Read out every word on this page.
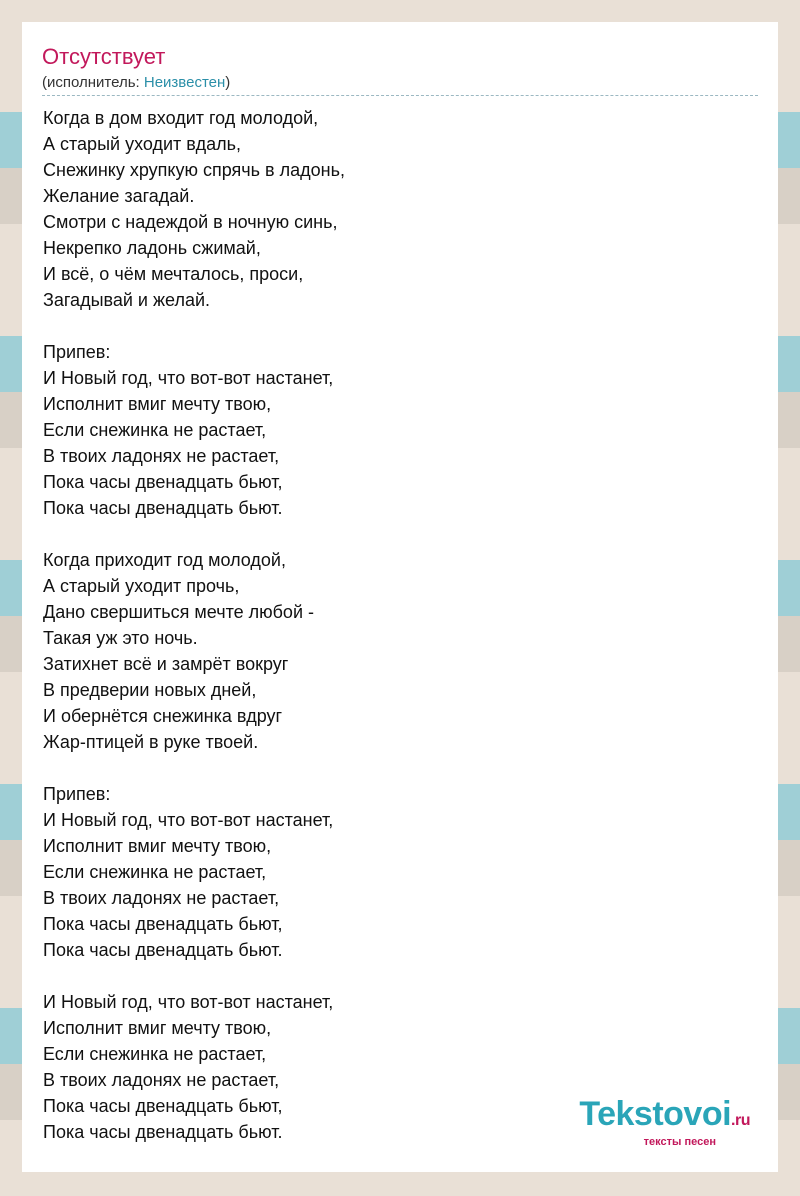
Отсутствует
(исполнитель: Неизвестен)
Когда в дом входит год молодой,
А старый уходит вдаль,
Снежинку хрупкую спрячь в ладонь,
Желание загадай.
Смотри с надеждой в ночную синь,
Некрепко ладонь сжимай,
И всё, о чём мечталось, проси,
Загадывай и желай.
Припев:
И Новый год, что вот-вот настанет,
Исполнит вмиг мечту твою,
Если снежинка не растает,
В твоих ладонях не растает,
Пока часы двенадцать бьют,
Пока часы двенадцать бьют.
Когда приходит год молодой,
А старый уходит прочь,
Дано свершиться мечте любой -
Такая уж это ночь.
Затихнет всё и замрёт вокруг
В предверии новых дней,
И обернётся снежинка вдруг
Жар-птицей в руке твоей.
Припев:
И Новый год, что вот-вот настанет,
Исполнит вмиг мечту твою,
Если снежинка не растает,
В твоих ладонях не растает,
Пока часы двенадцать бьют,
Пока часы двенадцать бьют.
И Новый год, что вот-вот настанет,
Исполнит вмиг мечту твою,
Если снежинка не растает,
В твоих ладонях не растает,
Пока часы двенадцать бьют,
Пока часы двенадцать бьют.	Tekstovoi.ru
тексты песен
